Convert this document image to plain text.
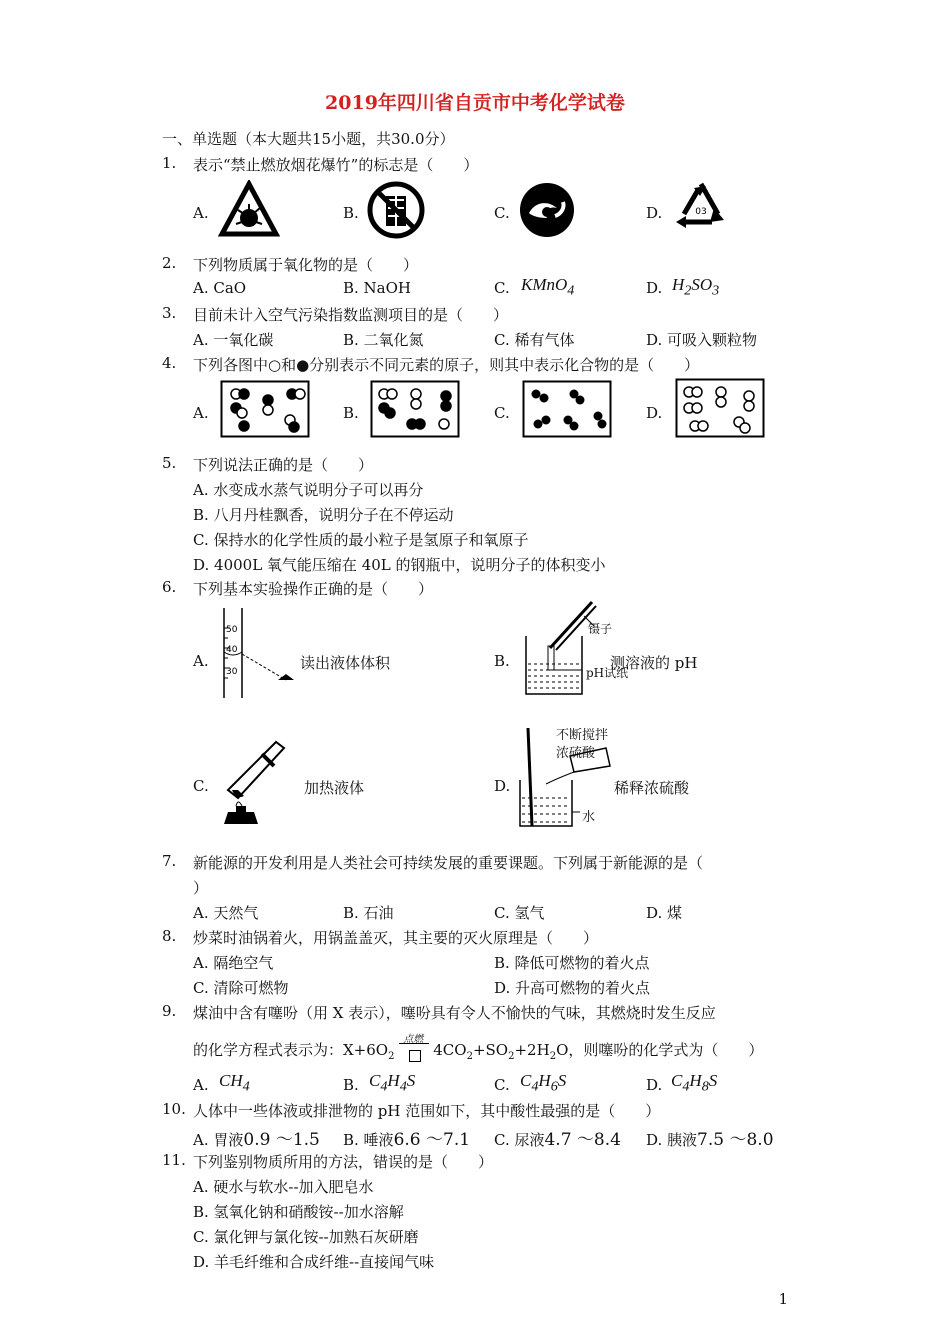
2019年四川省自贡市中考化学试卷
一、单选题（本大题共15小题，共30.0分）
1. 表示“禁止燃放烟花爆竹”的标志是（　　）
A.	B.	C.	D.	03
2. 下列物质属于氧化物的是（　　）
A. CaO	B. NaOH	C. KMnO$_4$	D. $H_2SO_3$
3. 目前未计入空气污染指数监测项目的是（　　）
A. 一氧化碳	B. 二氧化氮	C. 稀有气体	D. 可吸入颗粒物
4. 下列各图中○和●分别表示不同元素的原子，则其中表示化合物的是（　　）
A.	B.	C.	D.
5. 下列说法正确的是（　　）
A. 水变成水蒸气说明分子可以再分
B. 八月丹桂飘香，说明分子在不停运动
C. 保持水的化学性质的最小粒子是氢原子和氧原子
D. 4000L 氧气能压缩在 40L 的钢瓶中，说明分子的体积变小
6. 下列基本实验操作正确的是（　　）
A.	读出液体体积	B.	测溶液的 pH
C.	加热液体	D.	稀释浓硫酸
50
40
30
镊子
pH试纸
不断搅拌
浓硫酸
水
7. 新能源的开发利用是人类社会可持续发展的重要课题。下列属于新能源的是（
）
A. 天然气	B. 石油	C. 氢气	D. 煤
8. 炒菜时油锅着火，用锅盖盖灭，其主要的灭火原理是（　　）
A. 隔绝空气	B. 降低可燃物的着火点
C. 清除可燃物	D. 升高可燃物的着火点
9. 煤油中含有噻吩（用 X 表示），噻吩具有令人不愉快的气味，其燃烧时发生反应
的化学方程式表示为：$X+6O_2$
点燃
$4CO_2+SO_2+2H_2O$，则噻吩的化学式为（　　）
A. $CH_4$	B. $C_4H_4S$	C. $C_4H_6S$	D. $C_4H_8S$
10. 人体中一些体液或排泄物的 pH 范围如下，其中酸性最强的是（　　）
A. 胃液0.9 ～1.5 B. 唾液6.6 ～7.1 C. 尿液4.7 ～8.4 D. 胰液7.5 ～8.0
11. 下列鉴别物质所用的方法，错误的是（　　）
A. 硬水与软水--加入肥皂水
B. 氢氧化钠和硝酸铵--加水溶解
C. 氯化钾与氯化铵--加熟石灰研磨
D. 羊毛纤维和合成纤维--直接闻气味
1
